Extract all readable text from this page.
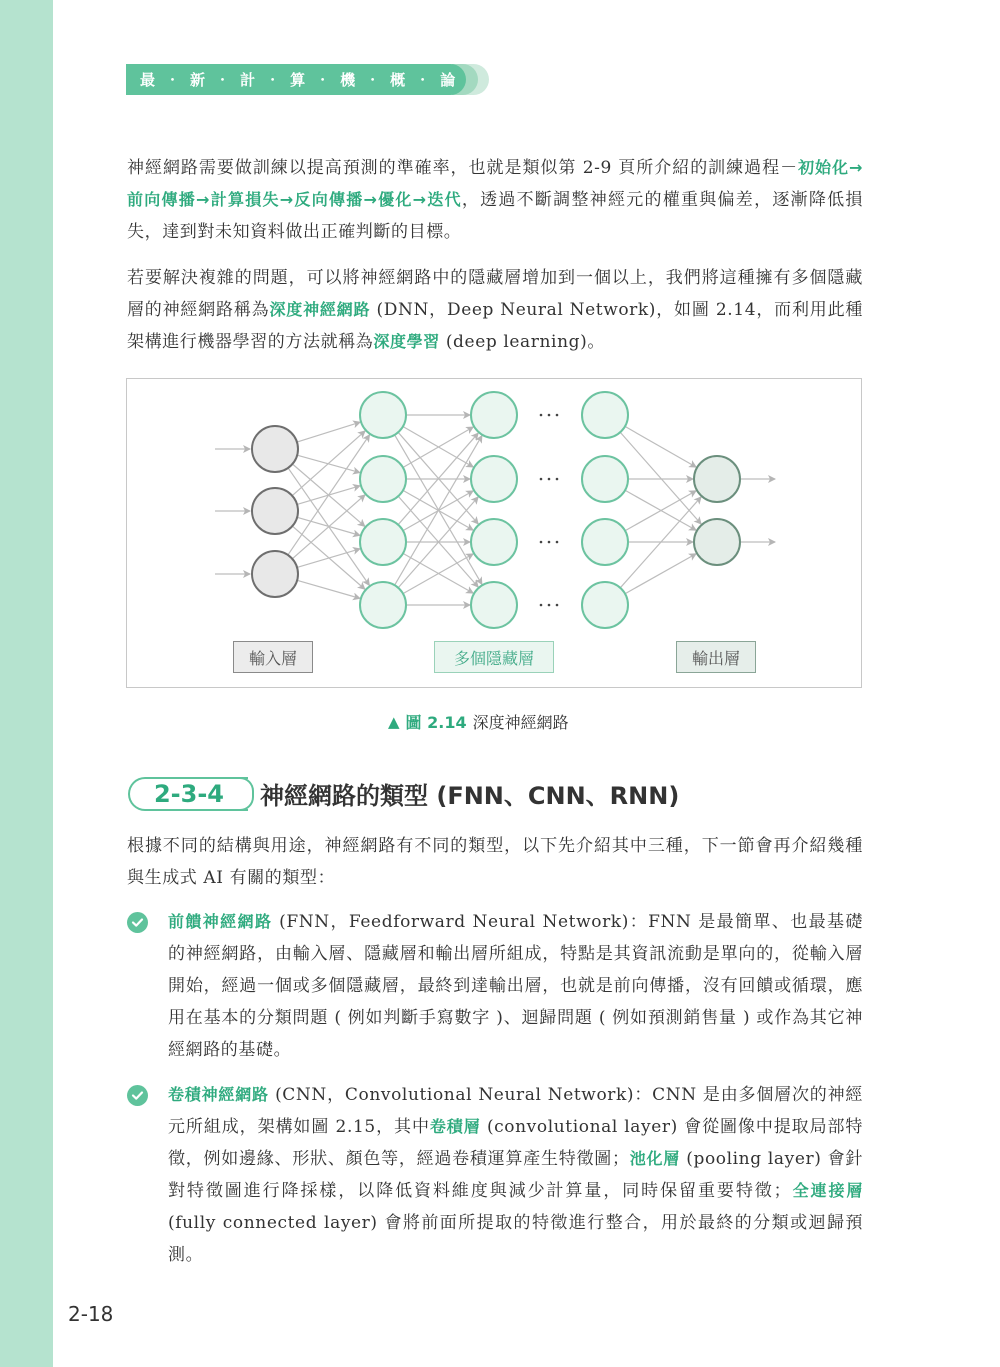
最 ・ 新 ・ 計 ・ 算 ・ 機 ・ 概 ・ 論
神經網路需要做訓練以提高預測的準確率，也就是類似第 2-9 頁所介紹的訓練過程－初始化→前向傳播→計算損失→反向傳播→優化→迭代，透過不斷調整神經元的權重與偏差，逐漸降低損失，達到對未知資料做出正確判斷的目標。
若要解決複雜的問題，可以將神經網路中的隱藏層增加到一個以上，我們將這種擁有多個隱藏層的神經網路稱為深度神經網路 (DNN，Deep Neural Network)，如圖 2.14，而利用此種架構進行機器學習的方法就稱為深度學習 (deep learning)。
輸入層	多個隱藏層	輸出層
▲ 圖 2.14 深度神經網路
2-3-4	神經網路的類型 (FNN、CNN、RNN)
根據不同的結構與用途，神經網路有不同的類型，以下先介紹其中三種，下一節會再介紹幾種與生成式 AI 有關的類型：
前饋神經網路 (FNN，Feedforward Neural Network)：FNN 是最簡單、也最基礎的神經網路，由輸入層、隱藏層和輸出層所組成，特點是其資訊流動是單向的，從輸入層開始，經過一個或多個隱藏層，最終到達輸出層，也就是前向傳播，沒有回饋或循環，應用在基本的分類問題 ( 例如判斷手寫數字 )、迴歸問題 ( 例如預測銷售量 ) 或作為其它神經網路的基礎。
卷積神經網路 (CNN，Convolutional Neural Network)：CNN 是由多個層次的神經元所組成，架構如圖 2.15，其中卷積層 (convolutional layer) 會從圖像中提取局部特徵，例如邊緣、形狀、顏色等，經過卷積運算產生特徵圖；池化層 (pooling layer) 會針對特徵圖進行降採樣，以降低資料維度與減少計算量，同時保留重要特徵；全連接層 (fully connected layer) 會將前面所提取的特徵進行整合，用於最終的分類或迴歸預測。
2-18
